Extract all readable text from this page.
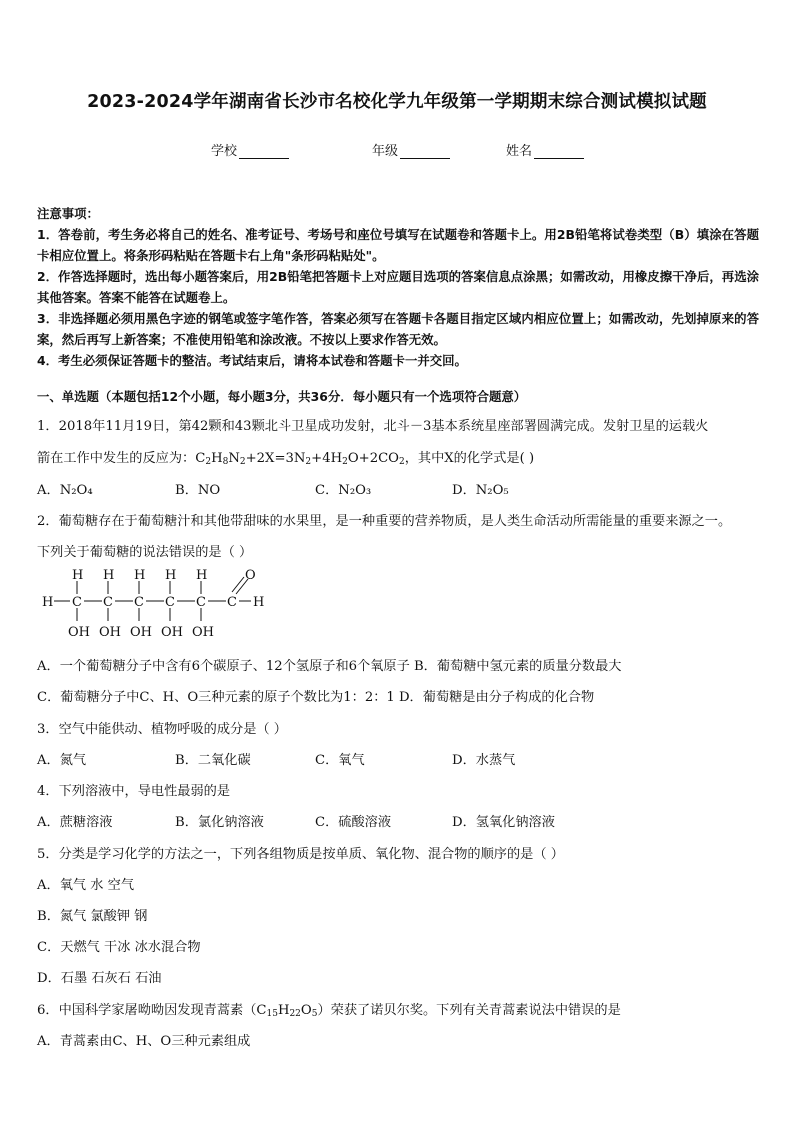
2023-2024学年湖南省长沙市名校化学九年级第一学期期末综合测试模拟试题
学校	年级	姓名
注意事项：
1．答卷前，考生务必将自己的姓名、准考证号、考场号和座位号填写在试题卷和答题卡上。用2B铅笔将试卷类型（B）填涂在答题卡相应位置上。将条形码粘贴在答题卡右上角"条形码粘贴处"。
2．作答选择题时，选出每小题答案后，用2B铅笔把答题卡上对应题目选项的答案信息点涂黑；如需改动，用橡皮擦干净后，再选涂其他答案。答案不能答在试题卷上。
3．非选择题必须用黑色字迹的钢笔或签字笔作答，答案必须写在答题卡各题目指定区域内相应位置上；如需改动，先划掉原来的答案，然后再写上新答案；不准使用铅笔和涂改液。不按以上要求作答无效。
4．考生必须保证答题卡的整洁。考试结束后，请将本试卷和答题卡一并交回。
一、单选题（本题包括12个小题，每小题3分，共36分．每小题只有一个选项符合题意）
1．2018年11月19日，第42颗和43颗北斗卫星成功发射，北斗－3基本系统星座部署圆满完成。发射卫星的运载火
箭在工作中发生的反应为：$C_2H_8N_2+2X=3N_2+4H_2O+2CO_2$，其中X的化学式是( )
A．N₂O₄	B．NO	C．N₂O₃	D．N₂O₅
2．葡萄糖存在于葡萄糖汁和其他带甜味的水果里，是一种重要的营养物质，是人类生命活动所需能量的重要来源之一。
下列关于葡萄糖的说法错误的是（ ）
H C C C C C C H
O
H H H H H
OH OH OH OH OH
A．一个葡萄糖分子中含有6个碳原子、12个氢原子和6个氧原子 B．葡萄糖中氢元素的质量分数最大
C．葡萄糖分子中C、H、O三种元素的原子个数比为1：2：1 D．葡萄糖是由分子构成的化合物
3．空气中能供动、植物呼吸的成分是（ ）
A．氮气	B．二氧化碳	C．氧气	D．水蒸气
4．下列溶液中，导电性最弱的是
A．蔗糖溶液	B．氯化钠溶液	C．硫酸溶液	D．氢氧化钠溶液
5．分类是学习化学的方法之一，下列各组物质是按单质、氧化物、混合物的顺序的是（ ）
A．氧气 水 空气
B．氮气 氯酸钾 钢
C．天燃气 干冰 冰水混合物
D．石墨 石灰石 石油
6．中国科学家屠呦呦因发现青蒿素$(C_{15}H_{22}O_5)$荣获了诺贝尔奖。下列有关青蒿素说法中错误的是
A．青蒿素由C、H、O三种元素组成
